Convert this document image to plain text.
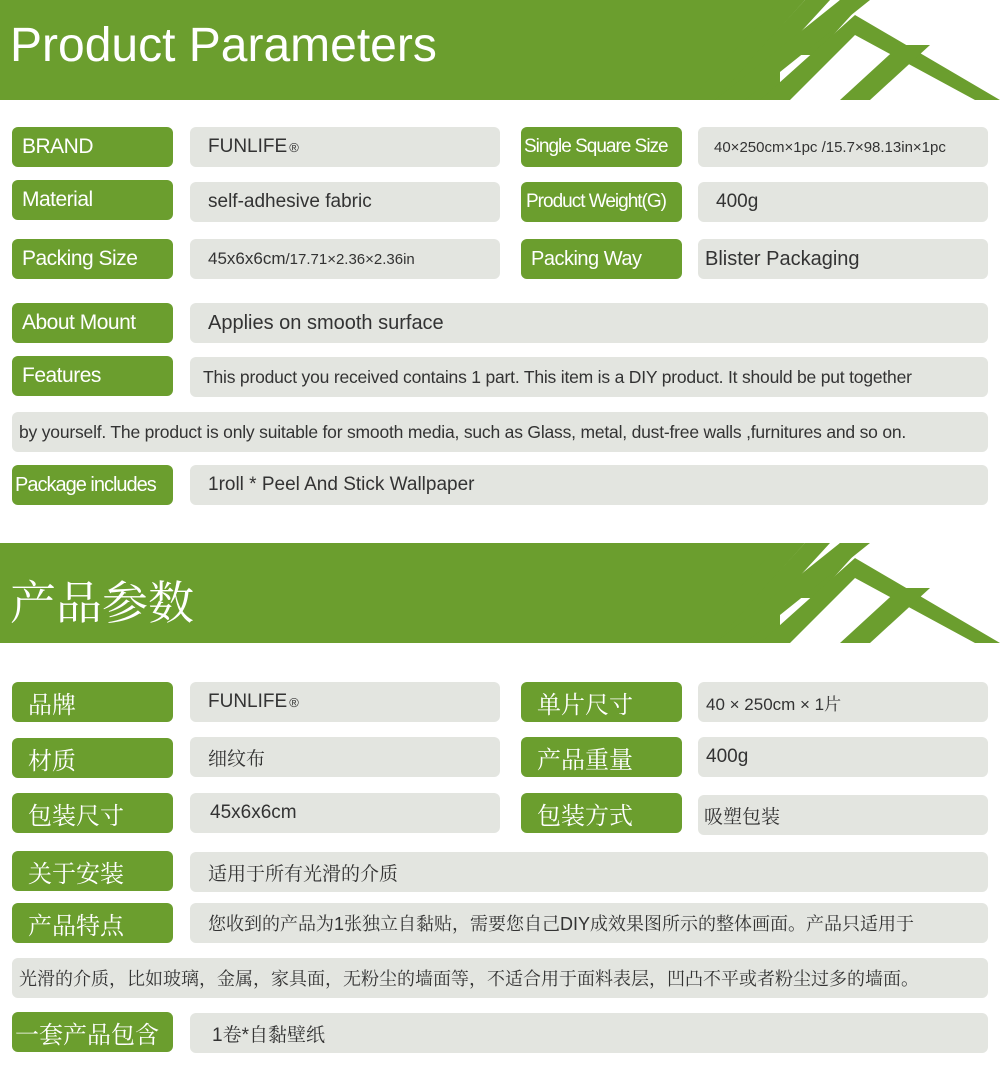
Product Parameters
BRAND	FUNLIFE ®	Single Square Size	40×250cm×1pc /15.7×98.13in×1pc
Material	self-adhesive fabric	Product Weight(G)	400g
Packing Size	45x6x6cm /17.71×2.36×2.36in	Packing Way	Blister Packaging
About Mount	Applies on smooth surface
Features	This product you received contains 1 part. This item is a DIY product. It should be put together
by yourself. The product is only suitable for smooth media, such as Glass, metal, dust-free walls ,furnitures and so on.
Package includes	1roll * Peel And Stick Wallpaper
产品参数
品牌	FUNLIFE ®	单片尺寸	40 × 250cm × 1片
材质	细纹布	产品重量	400g
包装尺寸	45x6x6cm	包装方式	吸塑包装
关于安装	适用于所有光滑的介质
产品特点	您收到的产品为1张独立自黏贴，需要您自己DIY成效果图所示的整体画面。产品只适用于
光滑的介质，比如玻璃，金属，家具面，无粉尘的墙面等，不适合用于面料表层，凹凸不平或者粉尘过多的墙面。
一套产品包含	1卷*自黏壁纸
